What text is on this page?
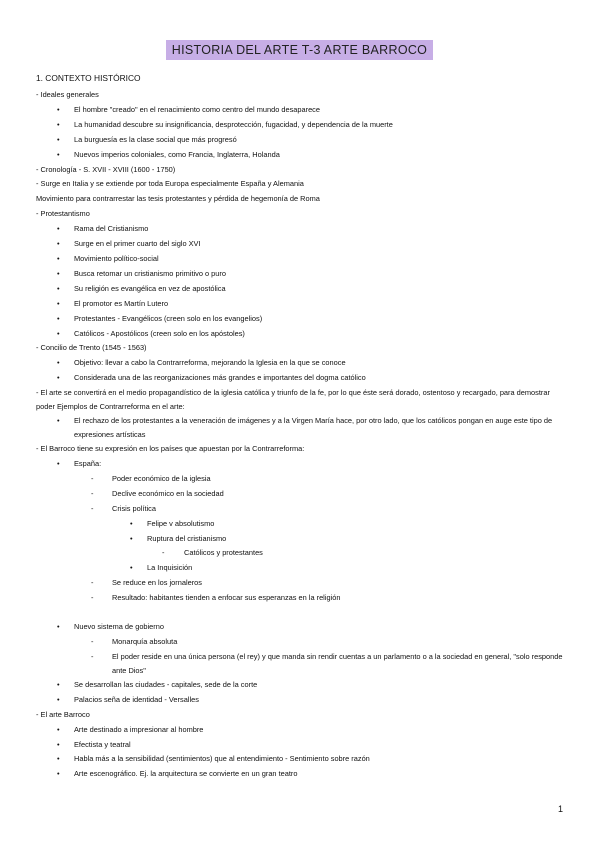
HISTORIA DEL ARTE T-3 ARTE BARROCO
1. CONTEXTO HISTÓRICO
- Ideales generales
• El hombre "creado" en el renacimiento como centro del mundo desaparece
• La humanidad descubre su insignificancia, desprotección, fugacidad, y dependencia de la muerte
• La burguesía es la clase social que más progresó
• Nuevos imperios coloniales, como Francia, Inglaterra, Holanda
- Cronología - S. XVII - XVIII (1600 - 1750)
- Surge en Italia y se extiende por toda Europa especialmente España y Alemania
Movimiento para contrarrestar las tesis protestantes y pérdida de hegemonía de Roma
- Protestantismo
• Rama del Cristianismo
• Surge en el primer cuarto del siglo XVI
• Movimiento político-social
• Busca retomar un cristianismo primitivo o puro
• Su religión es evangélica en vez de apostólica
• El promotor es Martín Lutero
• Protestantes - Evangélicos (creen solo en los evangelios)
• Católicos - Apostólicos (creen solo en los apóstoles)
- Concilio de Trento (1545 - 1563)
• Objetivo: llevar a cabo la Contrarreforma, mejorando la Iglesia en la que se conoce
• Considerada una de las reorganizaciones más grandes e importantes del dogma católico
- El arte se convertirá en el medio propagandístico de la iglesia católica y triunfo de la fe, por lo que éste será dorado, ostentoso y recargado, para demostrar poder Ejemplos de Contrarreforma en el arte:
• El rechazo de los protestantes a la veneración de imágenes y a la Virgen María hace, por otro lado, que los católicos pongan en auge este tipo de expresiones artísticas
- El Barroco tiene su expresión en los países que apuestan por la Contrarreforma:
• España:
-	Poder económico de la iglesia
-	Declive económico en la sociedad
-	Crisis política
• Felipe v absolutismo
• Ruptura del cristianismo
-	Católicos y protestantes
• La Inquisición
-	Se reduce en los jornaleros
-	Resultado: habitantes tienden a enfocar sus esperanzas en la religión
• Nuevo sistema de gobierno
-	Monarquía absoluta
-	El poder reside en una única persona (el rey) y que manda sin rendir cuentas a un parlamento o a la sociedad en general, "solo responde ante Dios"
• Se desarrollan las ciudades - capitales, sede de la corte
• Palacios seña de identidad - Versalles
- El arte Barroco
• Arte destinado a impresionar al hombre
• Efectista y teatral
• Habla más a la sensibilidad (sentimientos) que al entendimiento - Sentimiento sobre razón
• Arte escenográfico. Ej. la arquitectura se convierte en un gran teatro
1
